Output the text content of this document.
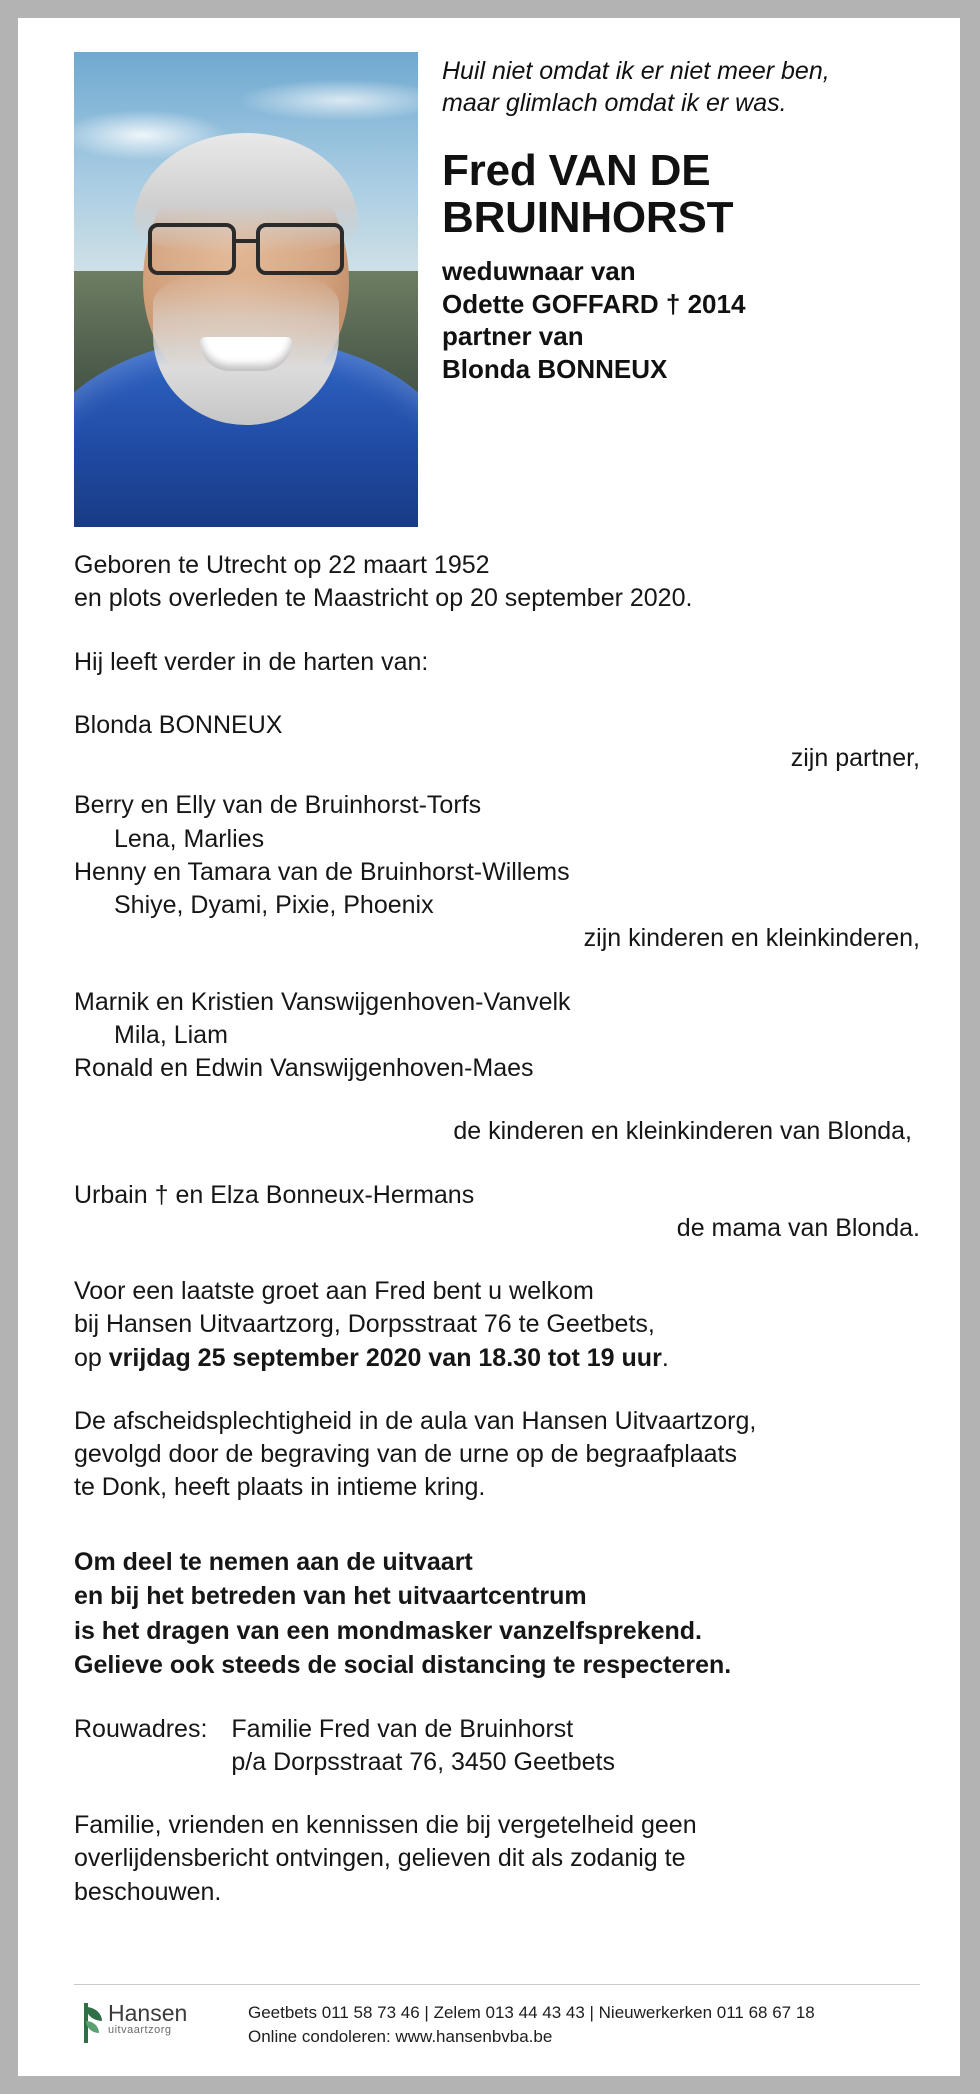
Huil niet omdat ik er niet meer ben,
maar glimlach omdat ik er was.

Fred VAN DE
BRUINHORST

weduwnaar van
Odette GOFFARD † 2014
partner van
Blonda BONNEUX

Geboren te Utrecht op 22 maart 1952

en plots overleden te Maastricht op 20 september 2020.

Hij leeft verder in de harten van:

Blonda BONNEUX

zijn partner,

Berry en Elly van de Bruinhorst-Torfs

Lena, Marlies

Henny en Tamara van de Bruinhorst-Willems

Shiye, Dyami, Pixie, Phoenix

zijn kinderen en kleinkinderen,

Marnik en Kristien Vanswijgenhoven-Vanvelk

Mila, Liam

Ronald en Edwin Vanswijgenhoven-Maes

de kinderen en kleinkinderen van Blonda,

Urbain † en Elza Bonneux-Hermans

de mama van Blonda.

Voor een laatste groet aan Fred bent u welkom

bij Hansen Uitvaartzorg, Dorpsstraat 76 te Geetbets,

op vrijdag 25 september 2020 van 18.30 tot 19 uur.

De afscheidsplechtigheid in de aula van Hansen Uitvaartzorg,

gevolgd door de begraving van de urne op de begraafplaats

te Donk, heeft plaats in intieme kring.

Om deel te nemen aan de uitvaart

en bij het betreden van het uitvaartcentrum

is het dragen van een mondmasker vanzelfsprekend.

Gelieve ook steeds de social distancing te respecteren.

Rouwadres: Familie Fred van de Bruinhorst

p/a Dorpsstraat 76, 3450 Geetbets

Familie, vrienden en kennissen die bij vergetelheid geen

overlijdensbericht ontvingen, gelieven dit als zodanig te

beschouwen.

Hansen
uitvaartzorg
Geetbets 011 58 73 46 | Zelem 013 44 43 43 | Nieuwerkerken 011 68 67 18
Online condoleren: www.hansenbvba.be
